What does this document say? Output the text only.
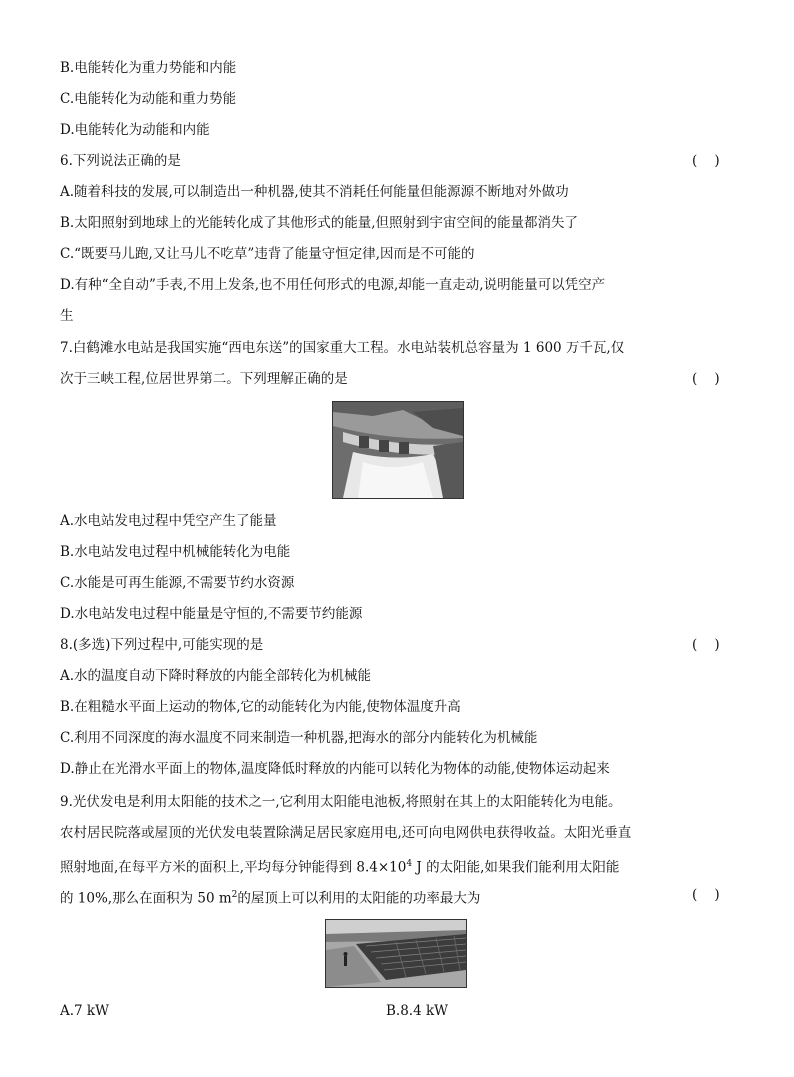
B.电能转化为重力势能和内能
C.电能转化为动能和重力势能
D.电能转化为动能和内能
6.下列说法正确的是	(    )
A.随着科技的发展,可以制造出一种机器,使其不消耗任何能量但能源源不断地对外做功
B.太阳照射到地球上的光能转化成了其他形式的能量,但照射到宇宙空间的能量都消失了
C.“既要马儿跑,又让马儿不吃草”违背了能量守恒定律,因而是不可能的
D.有种“全自动”手表,不用上发条,也不用任何形式的电源,却能一直走动,说明能量可以凭空产
生
7.白鹤滩水电站是我国实施“西电东送”的国家重大工程。水电站装机总容量为 1 600 万千瓦,仅
次于三峡工程,位居世界第二。下列理解正确的是	(    )
A.水电站发电过程中凭空产生了能量
B.水电站发电过程中机械能转化为电能
C.水能是可再生能源,不需要节约水资源
D.水电站发电过程中能量是守恒的,不需要节约能源
8.(多选)下列过程中,可能实现的是	(    )
A.水的温度自动下降时释放的内能全部转化为机械能
B.在粗糙水平面上运动的物体,它的动能转化为内能,使物体温度升高
C.利用不同深度的海水温度不同来制造一种机器,把海水的部分内能转化为机械能
D.静止在光滑水平面上的物体,温度降低时释放的内能可以转化为物体的动能,使物体运动起来
9.光伏发电是利用太阳能的技术之一,它利用太阳能电池板,将照射在其上的太阳能转化为电能。
农村居民院落或屋顶的光伏发电装置除满足居民家庭用电,还可向电网供电获得收益。太阳光垂直
照射地面,在每平方米的面积上,平均每分钟能得到 $8.4\times 10^4$ J 的太阳能,如果我们能利用太阳能
的 10%,那么在面积为 50 $m^2$的屋顶上可以利用的太阳能的功率最大为	(    )
A.7 kW	B.8.4 kW
